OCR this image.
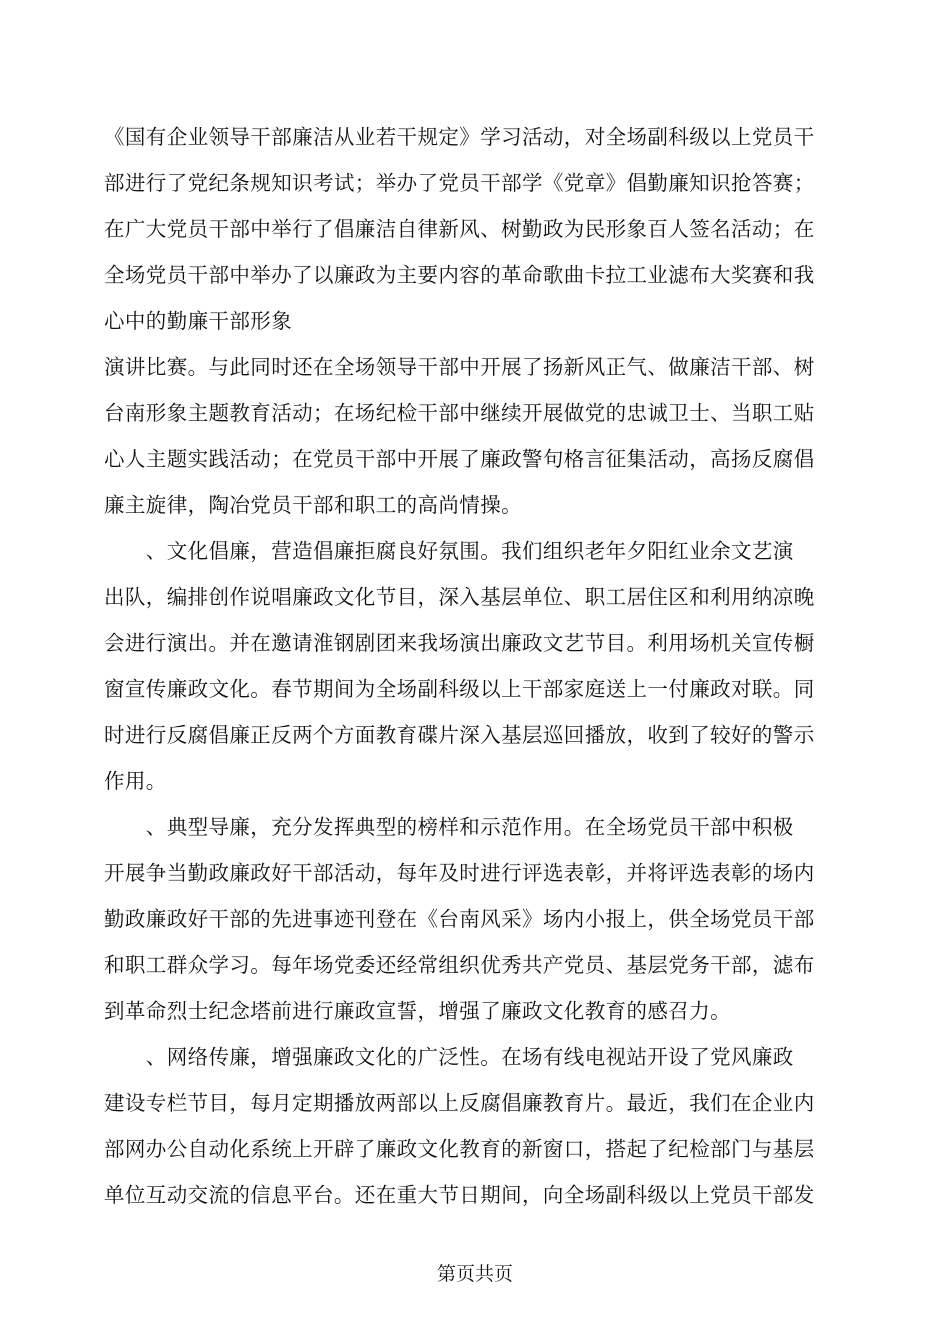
《国有企业领导干部廉洁从业若干规定》学习活动，对全场副科级以上党员干
部进行了党纪条规知识考试；举办了党员干部学《党章》倡勤廉知识抢答赛；
在广大党员干部中举行了倡廉洁自律新风、树勤政为民形象百人签名活动；在
全场党员干部中举办了以廉政为主要内容的革命歌曲卡拉工业滤布大奖赛和我
心中的勤廉干部形象

演讲比赛。与此同时还在全场领导干部中开展了扬新风正气、做廉洁干部、树
台南形象主题教育活动；在场纪检干部中继续开展做党的忠诚卫士、当职工贴
心人主题实践活动；在党员干部中开展了廉政警句格言征集活动，高扬反腐倡
廉主旋律，陶冶党员干部和职工的高尚情操。

　　、文化倡廉，营造倡廉拒腐良好氛围。我们组织老年夕阳红业余文艺演
出队，编排创作说唱廉政文化节目，深入基层单位、职工居住区和利用纳凉晚
会进行演出。并在邀请淮钢剧团来我场演出廉政文艺节目。利用场机关宣传橱
窗宣传廉政文化。春节期间为全场副科级以上干部家庭送上一付廉政对联。同
时进行反腐倡廉正反两个方面教育碟片深入基层巡回播放，收到了较好的警示
作用。

　　、典型导廉，充分发挥典型的榜样和示范作用。在全场党员干部中积极
开展争当勤政廉政好干部活动，每年及时进行评选表彰，并将评选表彰的场内
勤政廉政好干部的先进事迹刊登在《台南风采》场内小报上，供全场党员干部
和职工群众学习。每年场党委还经常组织优秀共产党员、基层党务干部，滤布
到革命烈士纪念塔前进行廉政宣誓，增强了廉政文化教育的感召力。

　　、网络传廉，增强廉政文化的广泛性。在场有线电视站开设了党风廉政
建设专栏节目，每月定期播放两部以上反腐倡廉教育片。最近，我们在企业内
部网办公自动化系统上开辟了廉政文化教育的新窗口，搭起了纪检部门与基层
单位互动交流的信息平台。还在重大节日期间，向全场副科级以上党员干部发

第页共页
